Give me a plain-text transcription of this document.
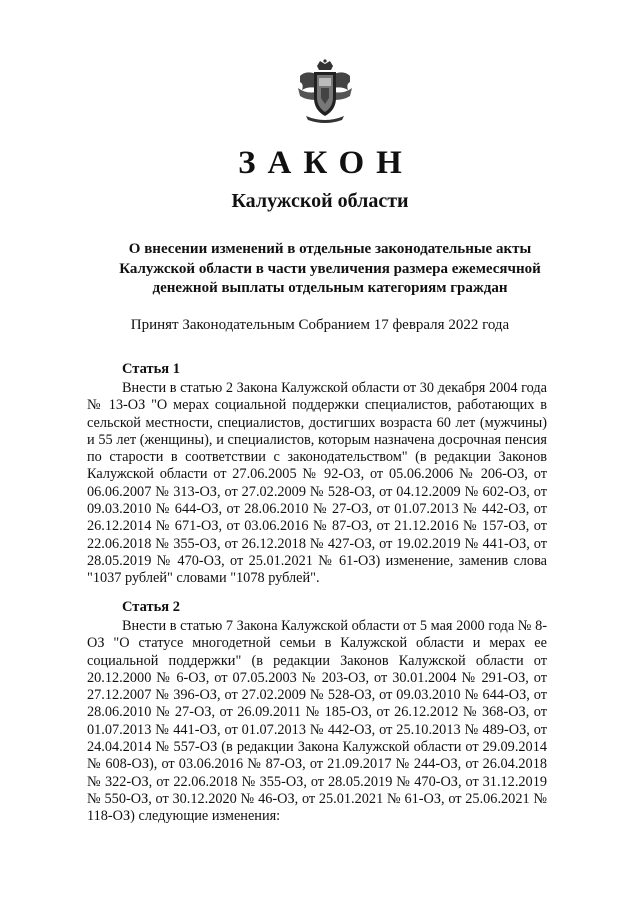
ЗАКОН
Калужской области
О внесении изменений в отдельные законодательные акты Калужской области в части увеличения размера ежемесячной денежной выплаты отдельным категориям граждан
Принят Законодательным Собранием 17 февраля 2022 года
Статья 1
Внести в статью 2 Закона Калужской области от 30 декабря 2004 года № 13-ОЗ "О мерах социальной поддержки специалистов, работающих в сельской местности, специалистов, достигших возраста 60 лет (мужчины) и 55 лет (женщины), и специалистов, которым назначена досрочная пенсия по старости в соответствии с законодательством" (в редакции Законов Калужской области от 27.06.2005 № 92-ОЗ, от 05.06.2006 № 206-ОЗ, от 06.06.2007 № 313-ОЗ, от 27.02.2009 № 528-ОЗ, от 04.12.2009 № 602-ОЗ, от 09.03.2010 № 644-ОЗ, от 28.06.2010 № 27-ОЗ, от 01.07.2013 № 442-ОЗ, от 26.12.2014 № 671-ОЗ, от 03.06.2016 № 87-ОЗ, от 21.12.2016 № 157-ОЗ, от 22.06.2018 № 355-ОЗ, от 26.12.2018 № 427-ОЗ, от 19.02.2019 № 441-ОЗ, от 28.05.2019 № 470-ОЗ, от 25.01.2021 № 61-ОЗ) изменение, заменив слова "1037 рублей" словами "1078 рублей".
Статья 2
Внести в статью 7 Закона Калужской области от 5 мая 2000 года № 8-ОЗ "О статусе многодетной семьи в Калужской области и мерах ее социальной поддержки" (в редакции Законов Калужской области от 20.12.2000 № 6-ОЗ, от 07.05.2003 № 203-ОЗ, от 30.01.2004 № 291-ОЗ, от 27.12.2007 № 396-ОЗ, от 27.02.2009 № 528-ОЗ, от 09.03.2010 № 644-ОЗ, от 28.06.2010 № 27-ОЗ, от 26.09.2011 № 185-ОЗ, от 26.12.2012 № 368-ОЗ, от 01.07.2013 № 441-ОЗ, от 01.07.2013 № 442-ОЗ, от 25.10.2013 № 489-ОЗ, от 24.04.2014 № 557-ОЗ (в редакции Закона Калужской области от 29.09.2014 № 608-ОЗ), от 03.06.2016 № 87-ОЗ, от 21.09.2017 № 244-ОЗ, от 26.04.2018 № 322-ОЗ, от 22.06.2018 № 355-ОЗ, от 28.05.2019 № 470-ОЗ, от 31.12.2019 № 550-ОЗ, от 30.12.2020 № 46-ОЗ, от 25.01.2021 № 61-ОЗ, от 25.06.2021 № 118-ОЗ) следующие изменения:
